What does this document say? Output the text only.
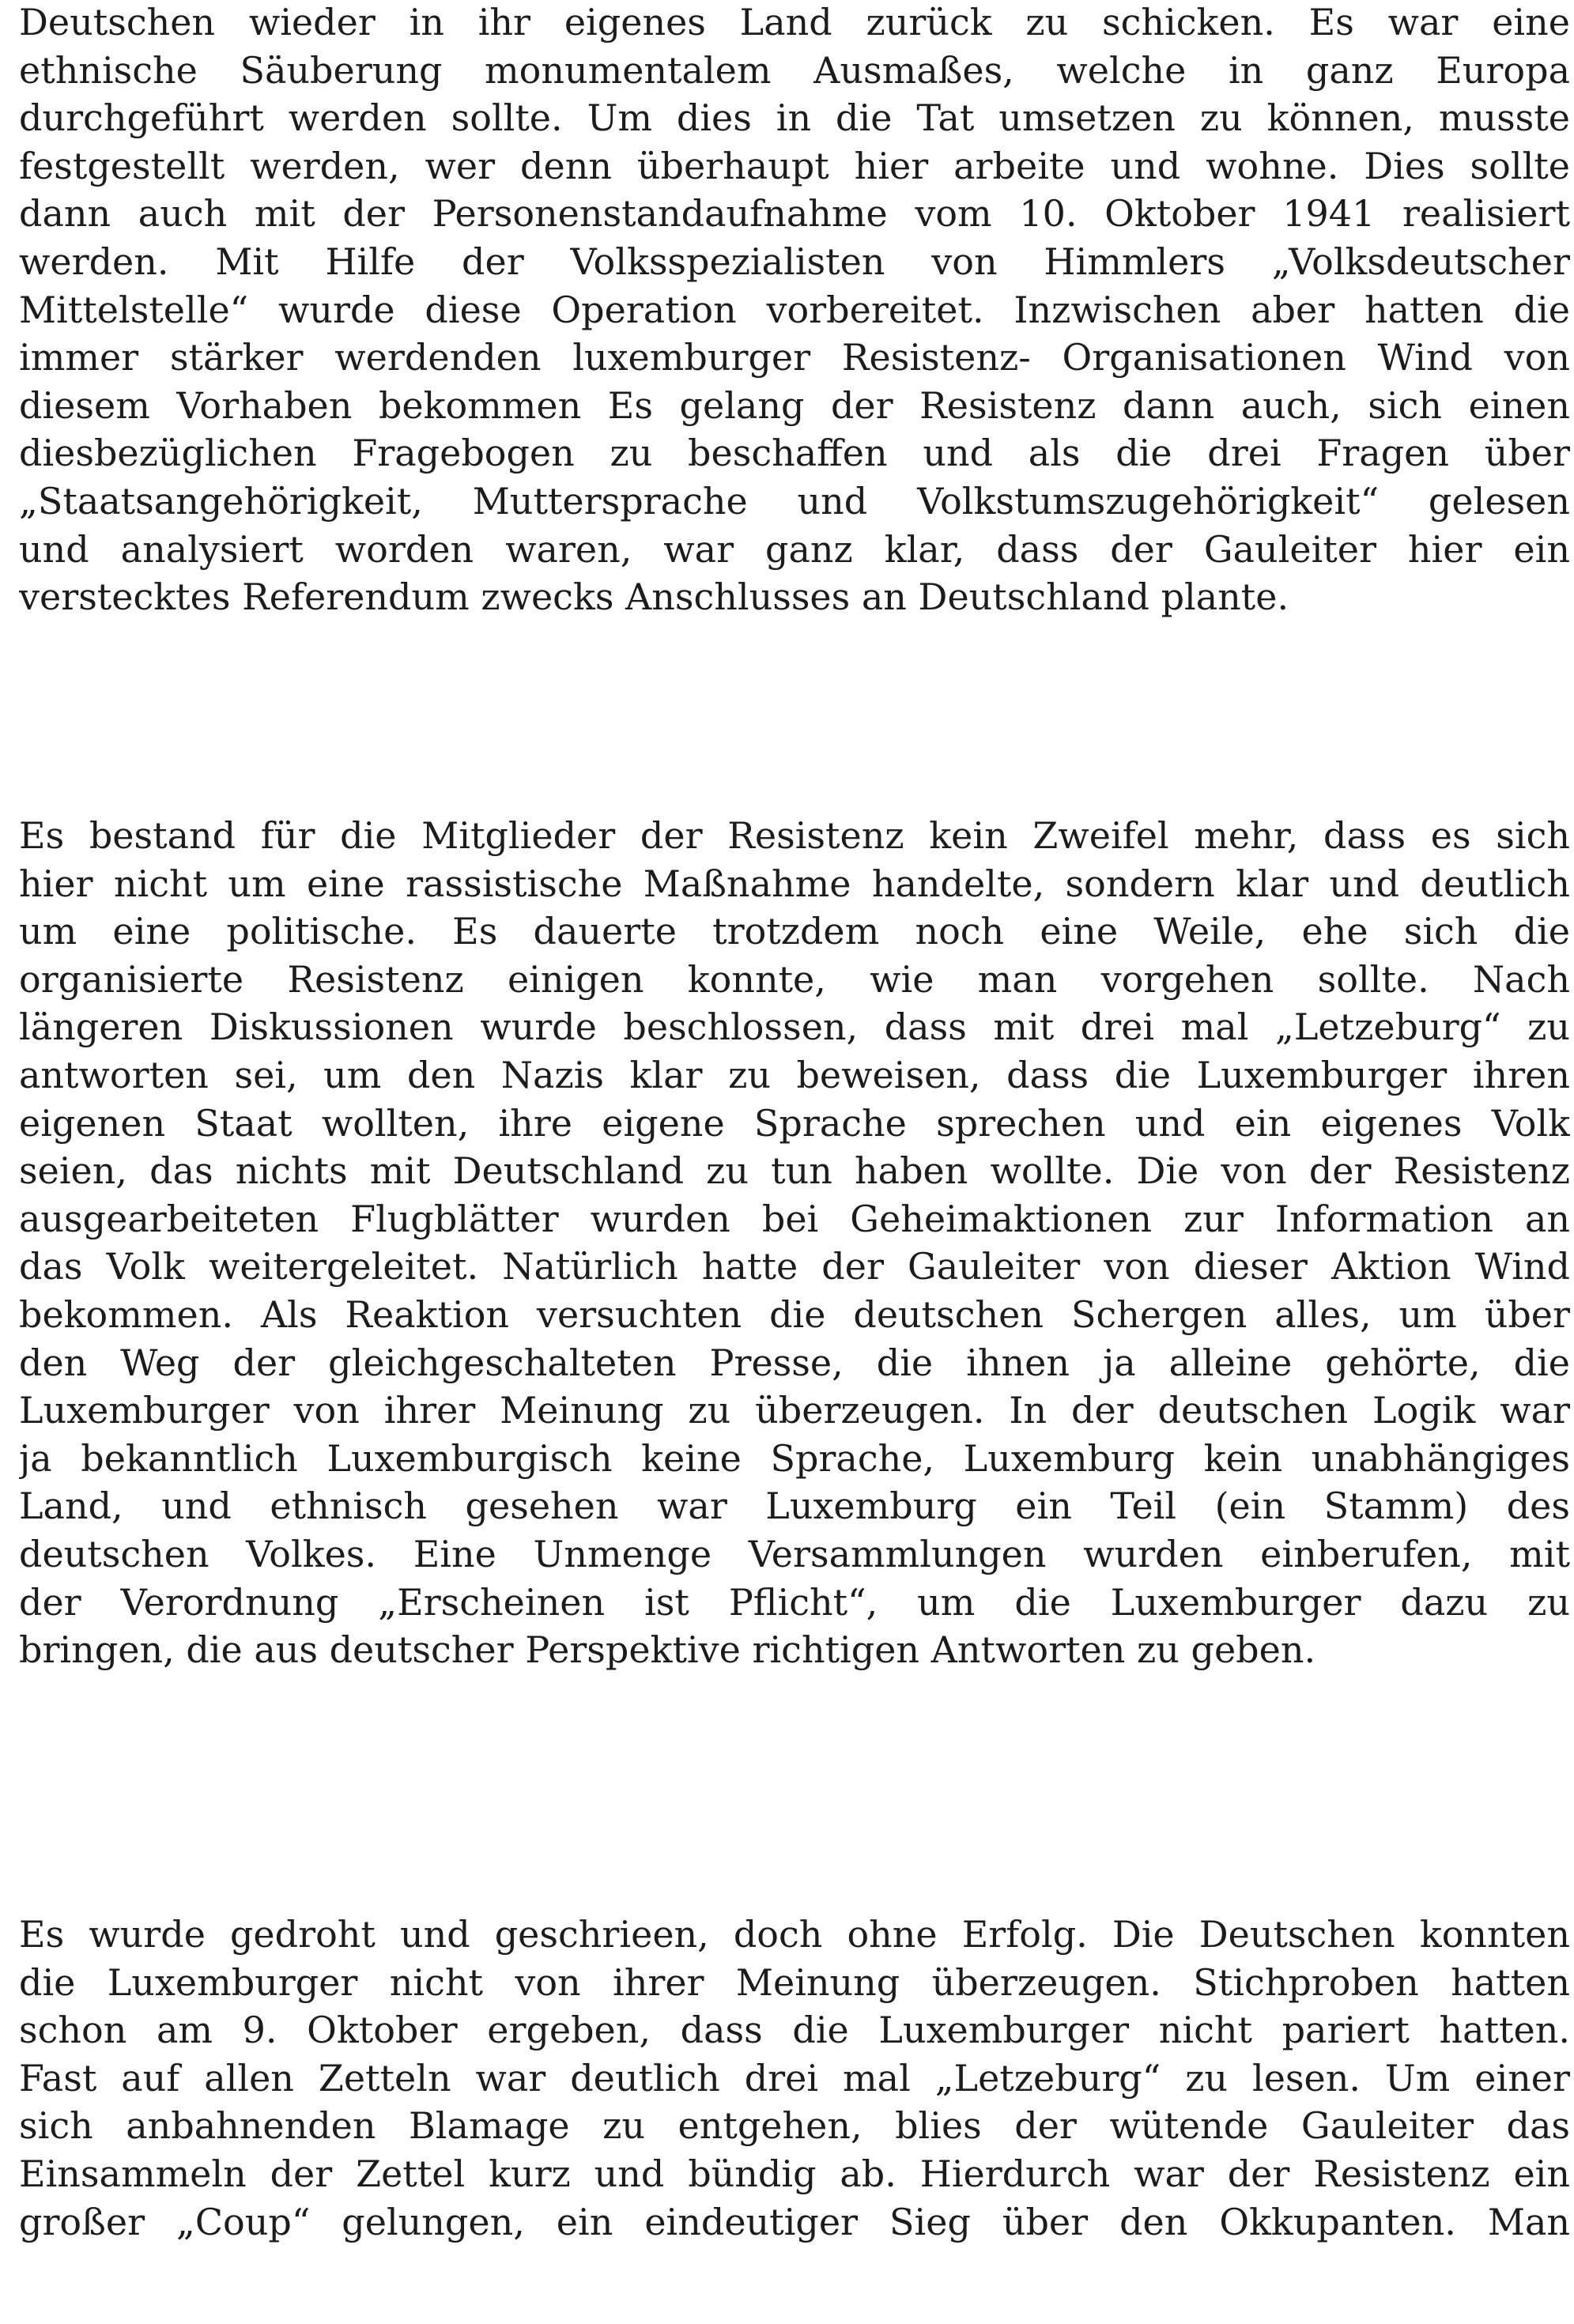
Deutschen wieder in ihr eigenes Land zurück zu schicken. Es war eine
ethnische Säuberung monumentalem Ausmaßes, welche in ganz Europa
durchgeführt werden sollte. Um dies in die Tat umsetzen zu können, musste
festgestellt werden, wer denn überhaupt hier arbeite und wohne. Dies sollte
dann auch mit der Personenstandaufnahme vom 10. Oktober 1941 realisiert
werden. Mit Hilfe der Volksspezialisten von Himmlers „Volksdeutscher
Mittelstelle“ wurde diese Operation vorbereitet. Inzwischen aber hatten die
immer stärker werdenden luxemburger Resistenz- Organisationen Wind von
diesem Vorhaben bekommen Es gelang der Resistenz dann auch, sich einen
diesbezüglichen Fragebogen zu beschaffen und als die drei Fragen über
„Staatsangehörigkeit, Muttersprache und Volkstumszugehörigkeit“ gelesen
und analysiert worden waren, war ganz klar, dass der Gauleiter hier ein
verstecktes Referendum zwecks Anschlusses an Deutschland plante.
Es bestand für die Mitglieder der Resistenz kein Zweifel mehr, dass es sich
hier nicht um eine rassistische Maßnahme handelte, sondern klar und deutlich
um eine politische. Es dauerte trotzdem noch eine Weile, ehe sich die
organisierte Resistenz einigen konnte, wie man vorgehen sollte. Nach
längeren Diskussionen wurde beschlossen, dass mit drei mal „Letzeburg“ zu
antworten sei, um den Nazis klar zu beweisen, dass die Luxemburger ihren
eigenen Staat wollten, ihre eigene Sprache sprechen und ein eigenes Volk
seien, das nichts mit Deutschland zu tun haben wollte. Die von der Resistenz
ausgearbeiteten Flugblätter wurden bei Geheimaktionen zur Information an
das Volk weitergeleitet. Natürlich hatte der Gauleiter von dieser Aktion Wind
bekommen. Als Reaktion versuchten die deutschen Schergen alles, um über
den Weg der gleichgeschalteten Presse, die ihnen ja alleine gehörte, die
Luxemburger von ihrer Meinung zu überzeugen. In der deutschen Logik war
ja bekanntlich Luxemburgisch keine Sprache, Luxemburg kein unabhängiges
Land, und ethnisch gesehen war Luxemburg ein Teil (ein Stamm) des
deutschen Volkes. Eine Unmenge Versammlungen wurden einberufen, mit
der Verordnung „Erscheinen ist Pflicht“, um die Luxemburger dazu zu
bringen, die aus deutscher Perspektive richtigen Antworten zu geben.
Es wurde gedroht und geschrieen, doch ohne Erfolg. Die Deutschen konnten
die Luxemburger nicht von ihrer Meinung überzeugen. Stichproben hatten
schon am 9. Oktober ergeben, dass die Luxemburger nicht pariert hatten.
Fast auf allen Zetteln war deutlich drei mal „Letzeburg“ zu lesen. Um einer
sich anbahnenden Blamage zu entgehen, blies der wütende Gauleiter das
Einsammeln der Zettel kurz und bündig ab. Hierdurch war der Resistenz ein
großer „Coup“ gelungen, ein eindeutiger Sieg über den Okkupanten. Man
